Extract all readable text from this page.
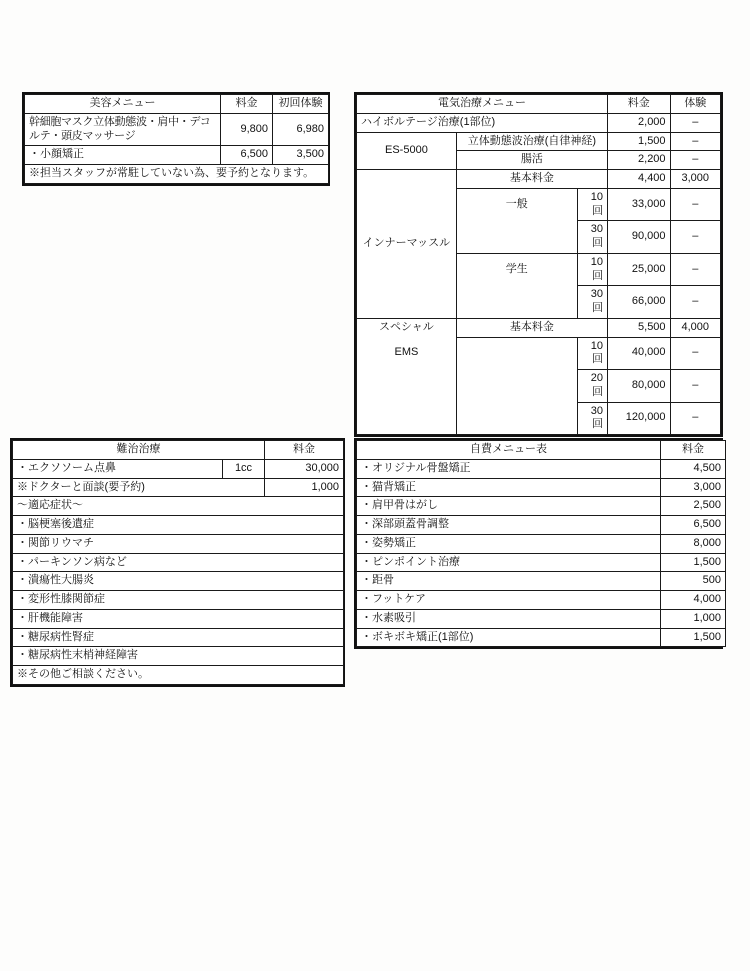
美容メニュー	料金	初回体験
幹細胞マスク立体動態波・肩中・デコルテ・頭皮マッサージ	9,800	6,980
・小顔矯正	6,500	3,500
※担当スタッフが常駐していない為、要予約となります。		
電気治療メニュー			料金	体験
ハイボルテージ治療(1部位)			2,000	–
ES-5000	立体動態波治療(自律神経)		1,500	–
	腸活		2,200	–
インナーマッスル	基本料金		4,400	3,000
	一般	10回	33,000	–
		30回	90,000	–
	学生	10回	25,000	–
		30回	66,000	–
スペシャル	基本料金		5,500	4,000
EMS		10回	40,000	–
		20回	80,000	–
		30回	120,000	–
難治治療		料金
・エクソソーム点鼻	1cc	30,000
※ドクターと面談(要予約)		1,000
〜適応症状〜		
・脳梗塞後遺症		
・関節リウマチ		
・パーキンソン病など		
・潰瘍性大腸炎		
・変形性膝関節症		
・肝機能障害		
・糖尿病性腎症		
・糖尿病性末梢神経障害		
※その他ご相談ください。		
自費メニュー表	料金
・オリジナル骨盤矯正	4,500
・猫背矯正	3,000
・肩甲骨はがし	2,500
・深部頭蓋骨調整	6,500
・姿勢矯正	8,000
・ピンポイント治療	1,500
・距骨	500
・フットケア	4,000
・水素吸引	1,000
・ボキボキ矯正(1部位)	1,500
